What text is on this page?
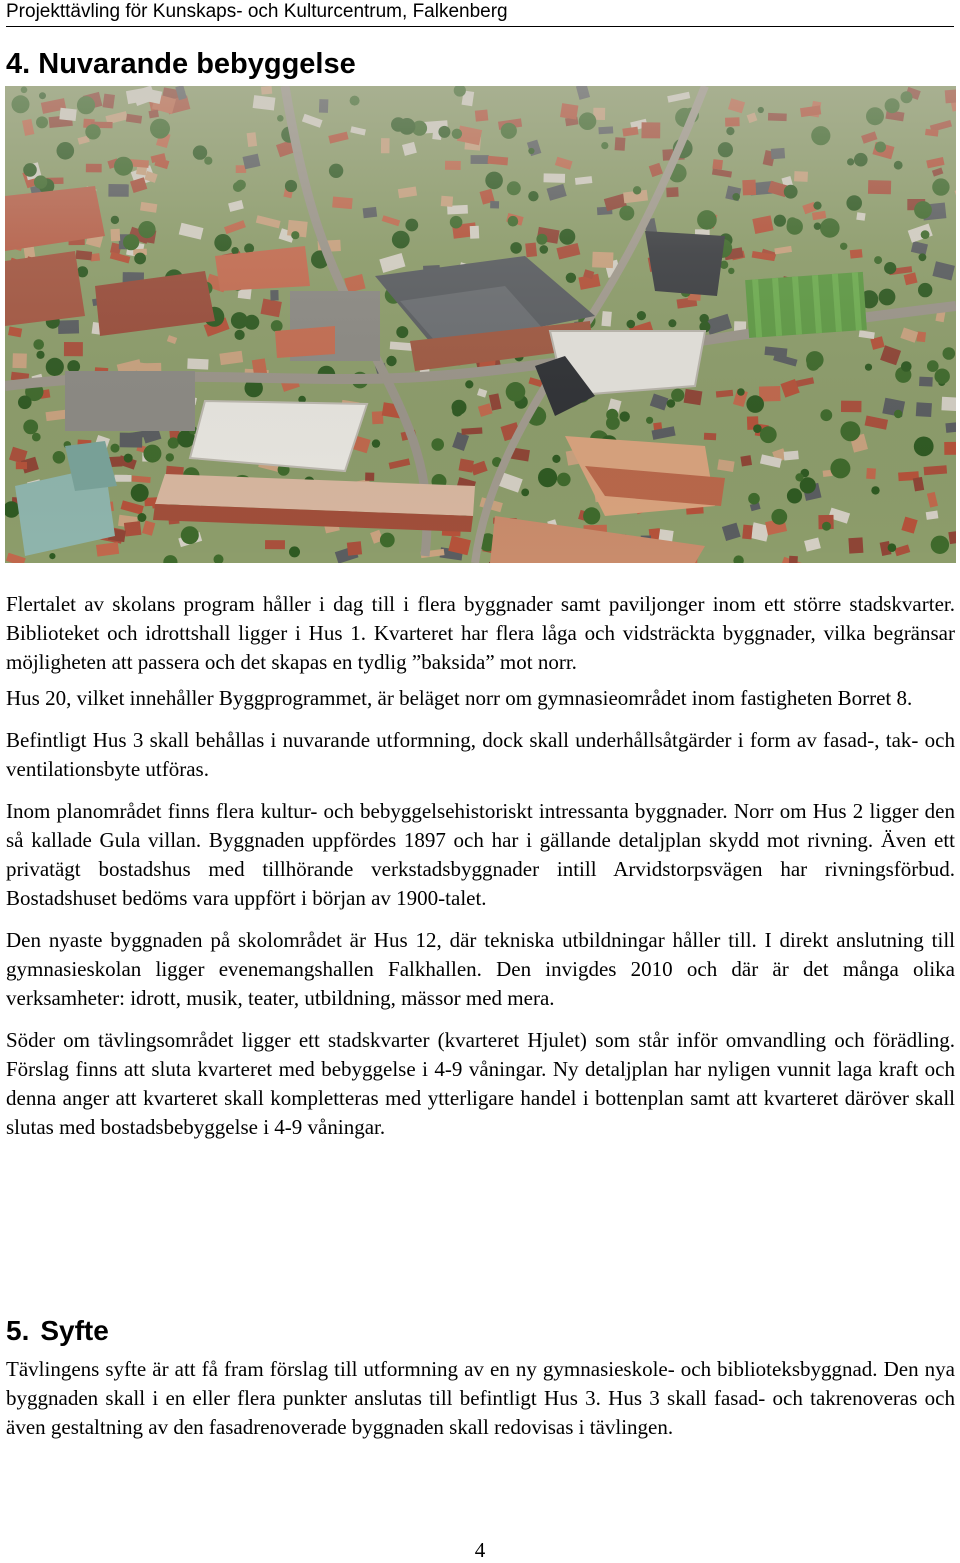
Projekttävling för Kunskaps- och Kulturcentrum, Falkenberg
4. Nuvarande bebyggelse

Flertalet av skolans program håller i dag till i flera byggnader samt paviljonger inom ett större stadskvarter. Biblioteket och idrottshall ligger i Hus 1. Kvarteret har flera låga och vidsträckta byggnader, vilka begränsar möjligheten att passera och det skapas en tydlig ”baksida” mot norr.

Hus 20, vilket innehåller Byggprogrammet, är beläget norr om gymnasieområdet inom fastigheten Borret 8.

Befintligt Hus 3 skall behållas i nuvarande utformning, dock skall underhållsåtgärder i form av fasad-, tak- och ventilationsbyte utföras.

Inom planområdet finns flera kultur- och bebyggelsehistoriskt intressanta byggnader. Norr om Hus 2 ligger den så kallade Gula villan. Byggnaden uppfördes 1897 och har i gällande detaljplan skydd mot rivning. Även ett privatägt bostadshus med tillhörande verkstadsbyggnader intill Arvidstorpsvägen har rivningsförbud. Bostadshuset bedöms vara uppfört i början av 1900-talet.

Den nyaste byggnaden på skolområdet är Hus 12, där tekniska utbildningar håller till. I direkt anslutning till gymnasieskolan ligger evenemangshallen Falkhallen. Den invigdes 2010 och där är det många olika verksamheter: idrott, musik, teater, utbildning, mässor med mera.

Söder om tävlingsområdet ligger ett stadskvarter (kvarteret Hjulet) som står inför omvandling och förädling. Förslag finns att sluta kvarteret med bebyggelse i 4-9 våningar. Ny detaljplan har nyligen vunnit laga kraft och denna anger att kvarteret skall kompletteras med ytterligare handel i bottenplan samt att kvarteret däröver skall slutas med bostadsbebyggelse i 4-9 våningar.

5. Syfte

Tävlingens syfte är att få fram förslag till utformning av en ny gymnasieskole- och biblioteksbyggnad. Den nya byggnaden skall i en eller flera punkter anslutas till befintligt Hus 3. Hus 3 skall fasad- och takrenoveras och även gestaltning av den fasadrenoverade byggnaden skall redovisas i tävlingen.

4
